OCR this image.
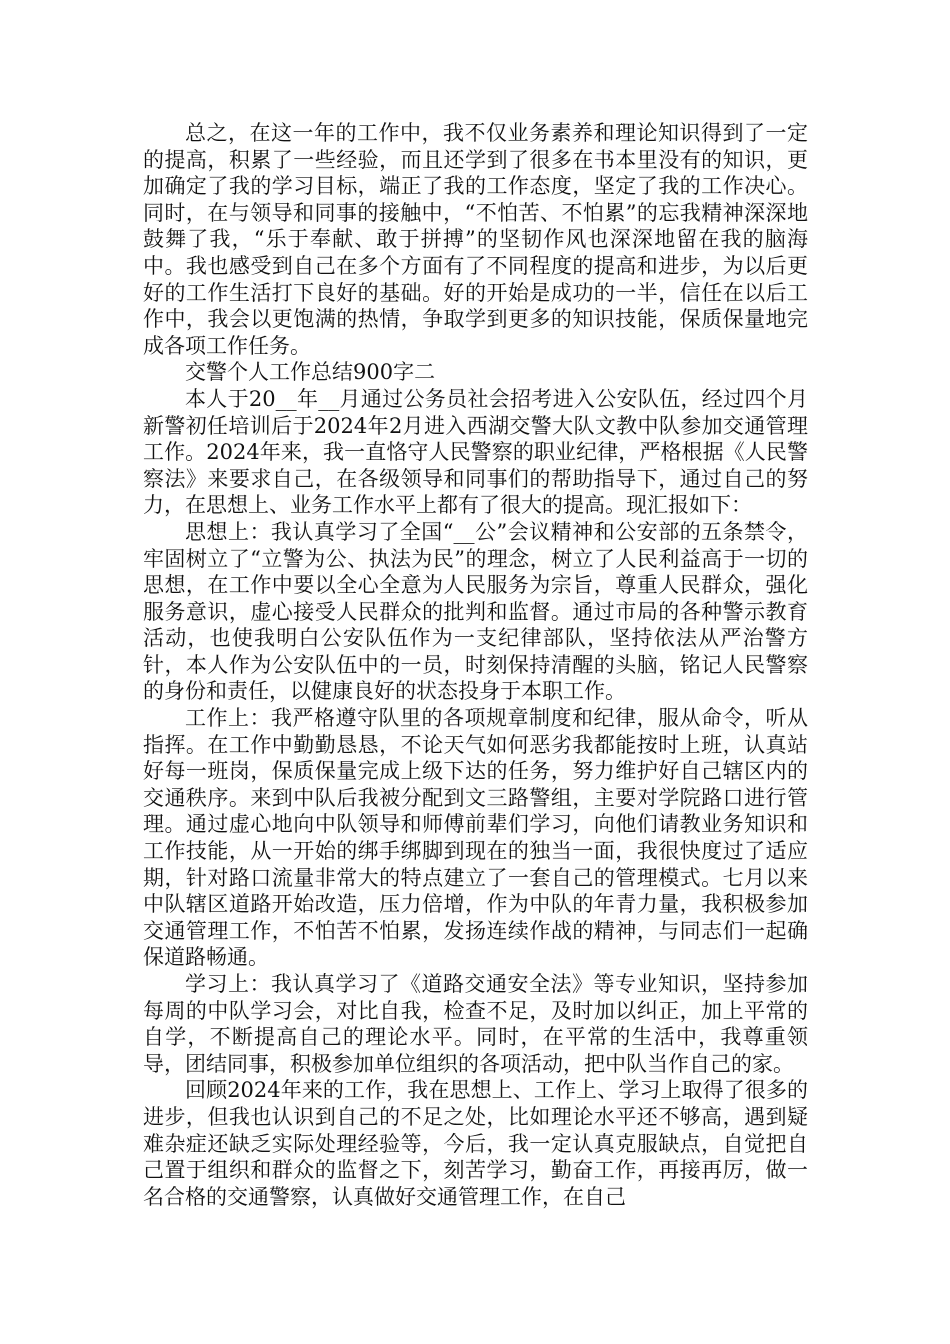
总之，在这一年的工作中，我不仅业务素养和理论知识得到了一定的提高，积累了一些经验，而且还学到了很多在书本里没有的知识，更加确定了我的学习目标，端正了我的工作态度，坚定了我的工作决心。同时，在与领导和同事的接触中，“不怕苦、不怕累”的忘我精神深深地鼓舞了我，“乐于奉献、敢于拼搏”的坚韧作风也深深地留在我的脑海中。我也感受到自己在多个方面有了不同程度的提高和进步，为以后更好的工作生活打下良好的基础。好的开始是成功的一半，信任在以后工作中，我会以更饱满的热情，争取学到更多的知识技能，保质保量地完成各项工作任务。

交警个人工作总结900字二

本人于20__年__月通过公务员社会招考进入公安队伍，经过四个月新警初任培训后于2024年2月进入西湖交警大队文教中队参加交通管理工作。2024年来，我一直恪守人民警察的职业纪律，严格根据《人民警察法》来要求自己，在各级领导和同事们的帮助指导下，通过自己的努力，在思想上、业务工作水平上都有了很大的提高。现汇报如下：

思想上：我认真学习了全国“__公”会议精神和公安部的五条禁令，牢固树立了“立警为公、执法为民”的理念，树立了人民利益高于一切的思想，在工作中要以全心全意为人民服务为宗旨，尊重人民群众，强化服务意识，虚心接受人民群众的批判和监督。通过市局的各种警示教育活动，也使我明白公安队伍作为一支纪律部队，坚持依法从严治警方针，本人作为公安队伍中的一员，时刻保持清醒的头脑，铭记人民警察的身份和责任，以健康良好的状态投身于本职工作。

工作上：我严格遵守队里的各项规章制度和纪律，服从命令，听从指挥。在工作中勤勤恳恳，不论天气如何恶劣我都能按时上班，认真站好每一班岗，保质保量完成上级下达的任务，努力维护好自己辖区内的交通秩序。来到中队后我被分配到文三路警组，主要对学院路口进行管理。通过虚心地向中队领导和师傅前辈们学习，向他们请教业务知识和工作技能，从一开始的绑手绑脚到现在的独当一面，我很快度过了适应期，针对路口流量非常大的特点建立了一套自己的管理模式。七月以来中队辖区道路开始改造，压力倍增，作为中队的年青力量，我积极参加交通管理工作，不怕苦不怕累，发扬连续作战的精神，与同志们一起确保道路畅通。

学习上：我认真学习了《道路交通安全法》等专业知识，坚持参加每周的中队学习会，对比自我，检查不足，及时加以纠正，加上平常的自学，不断提高自己的理论水平。同时，在平常的生活中，我尊重领导，团结同事，积极参加单位组织的各项活动，把中队当作自己的家。

回顾2024年来的工作，我在思想上、工作上、学习上取得了很多的进步，但我也认识到自己的不足之处，比如理论水平还不够高，遇到疑难杂症还缺乏实际处理经验等，今后，我一定认真克服缺点，自觉把自己置于组织和群众的监督之下，刻苦学习，勤奋工作，再接再厉，做一名合格的交通警察，认真做好交通管理工作，在自己
